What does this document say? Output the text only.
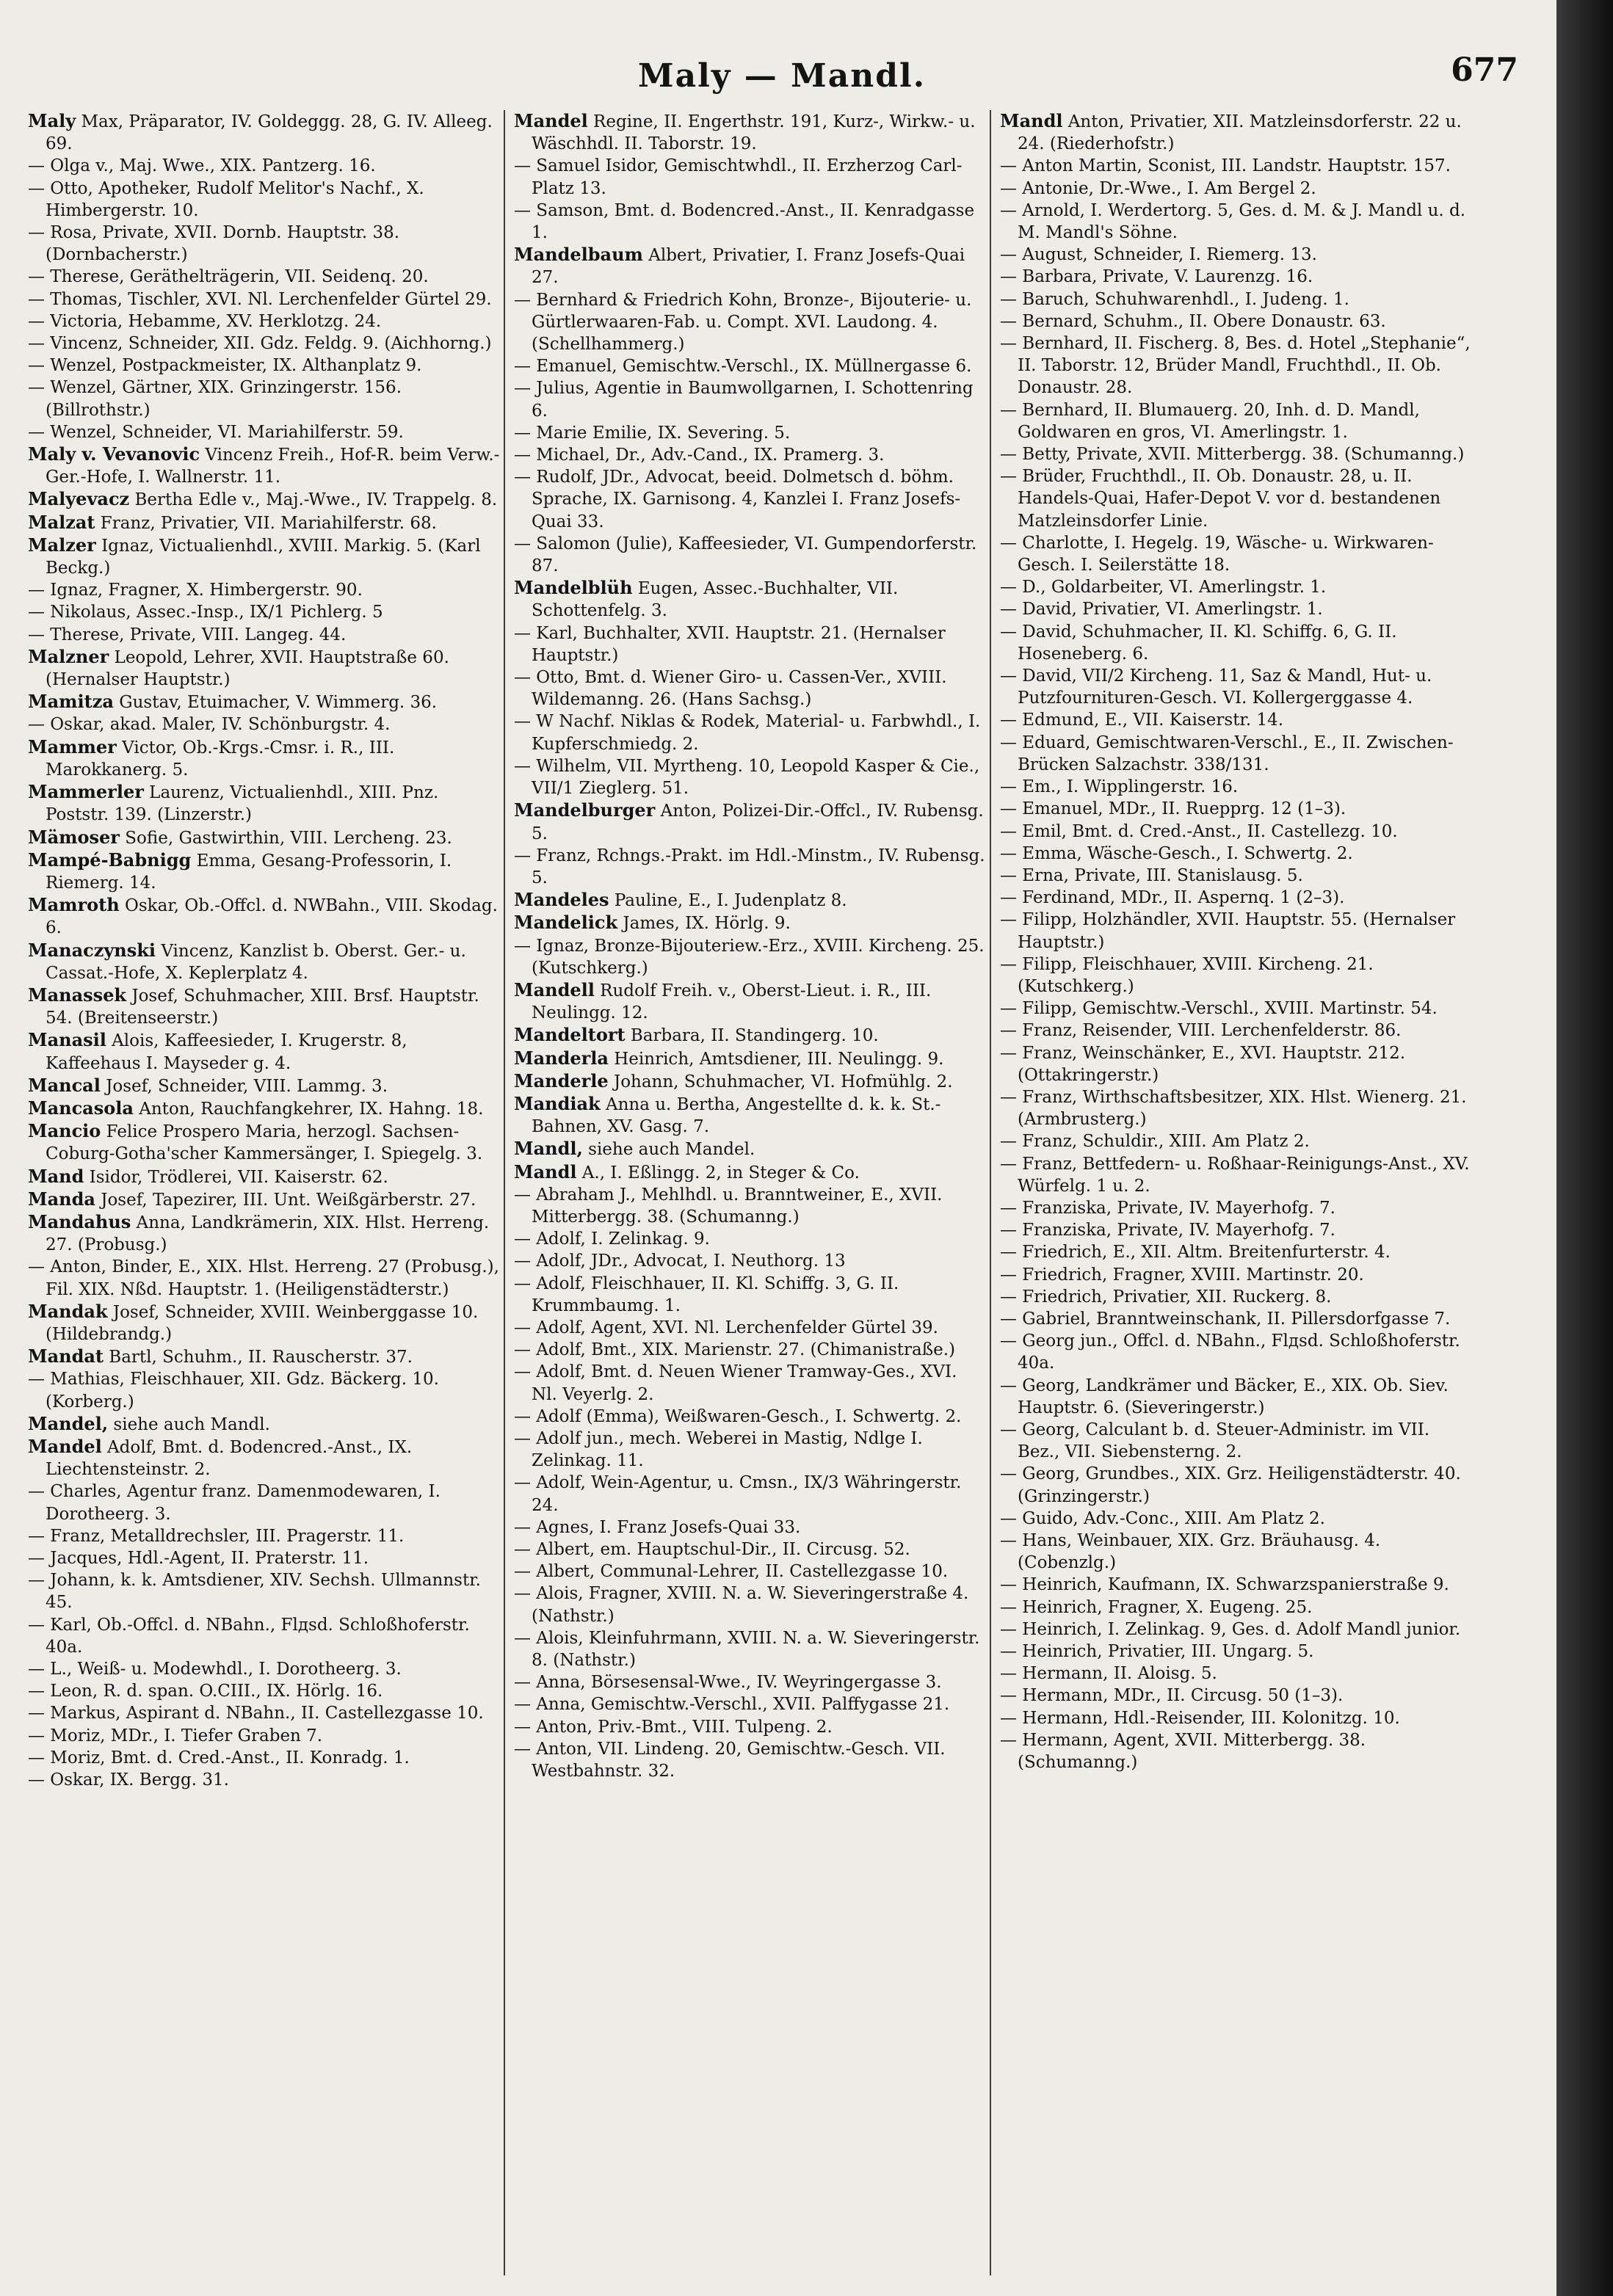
Maly — Mandl.	677

Maly Max, Präparator, IV. Goldeggg. 28, G. IV. Alleeg. 69.

— Olga v., Maj. Wwe., XIX. Pantzerg. 16.

— Otto, Apotheker, Rudolf Melitor's Nachf., X. Himbergerstr. 10.

— Rosa, Private, XVII. Dornb. Hauptstr. 38. (Dornbacherstr.)

— Therese, Geräthelträgerin, VII. Seidenq. 20.

— Thomas, Tischler, XVI. Nl. Lerchenfelder Gürtel 29.

— Victoria, Hebamme, XV. Herklotzg. 24.

— Vincenz, Schneider, XII. Gdz. Feldg. 9. (Aichhorng.)

— Wenzel, Postpackmeister, IX. Althanplatz 9.

— Wenzel, Gärtner, XIX. Grinzingerstr. 156. (Billrothstr.)

— Wenzel, Schneider, VI. Mariahilferstr. 59.

Maly v. Vevanovic Vincenz Freih., Hof-R. beim Verw.-Ger.-Hofe, I. Wallnerstr. 11.

Malyevacz Bertha Edle v., Maj.-Wwe., IV. Trappelg. 8.

Malzat Franz, Privatier, VII. Mariahilferstr. 68.

Malzer Ignaz, Victualienhdl., XVIII. Markig. 5. (Karl Beckg.)

— Ignaz, Fragner, X. Himbergerstr. 90.

— Nikolaus, Assec.-Insp., IX/1 Pichlerg. 5

— Therese, Private, VIII. Langeg. 44.

Malzner Leopold, Lehrer, XVII. Hauptstraße 60. (Hernalser Hauptstr.)

Mamitza Gustav, Etuimacher, V. Wimmerg. 36.

— Oskar, akad. Maler, IV. Schönburgstr. 4.

Mammer Victor, Ob.-Krgs.-Cmsr. i. R., III. Marokkanerg. 5.

Mammerler Laurenz, Victualienhdl., XIII. Pnz. Poststr. 139. (Linzerstr.)

Mämoser Sofie, Gastwirthin, VIII. Lercheng. 23.

Mampé-Babnigg Emma, Gesang-Professorin, I. Riemerg. 14.

Mamroth Oskar, Ob.-Offcl. d. NWBahn., VIII. Skodag. 6.

Manaczynski Vincenz, Kanzlist b. Oberst. Ger.- u. Cassat.-Hofe, X. Keplerplatz 4.

Manassek Josef, Schuhmacher, XIII. Brsf. Hauptstr. 54. (Breitenseerstr.)

Manasil Alois, Kaffeesieder, I. Krugerstr. 8, Kaffeehaus I. Mayseder g. 4.

Mancal Josef, Schneider, VIII. Lammg. 3.

Mancasola Anton, Rauchfangkehrer, IX. Hahng. 18.

Mancio Felice Prospero Maria, herzogl. Sachsen-Coburg-Gotha'scher Kammersänger, I. Spiegelg. 3.

Mand Isidor, Trödlerei, VII. Kaiserstr. 62.

Manda Josef, Tapezirer, III. Unt. Weißgärberstr. 27.

Mandahus Anna, Landkrämerin, XIX. Hlst. Herreng. 27. (Probusg.)

— Anton, Binder, E., XIX. Hlst. Herreng. 27 (Probusg.), Fil. XIX. Nßd. Hauptstr. 1. (Heiligenstädterstr.)

Mandak Josef, Schneider, XVIII. Weinberggasse 10. (Hildebrandg.)

Mandat Bartl, Schuhm., II. Rauscherstr. 37.

— Mathias, Fleischhauer, XII. Gdz. Bäckerg. 10. (Korberg.)

Mandel, siehe auch Mandl.

Mandel Adolf, Bmt. d. Bodencred.-Anst., IX. Liechtensteinstr. 2.

— Charles, Agentur franz. Damenmodewaren, I. Dorotheerg. 3.

— Franz, Metalldrechsler, III. Pragerstr. 11.

— Jacques, Hdl.-Agent, II. Praterstr. 11.

— Johann, k. k. Amtsdiener, XIV. Sechsh. Ullmannstr. 45.

— Karl, Ob.-Offcl. d. NBahn., Flдsd. Schloßhoferstr. 40a.

— L., Weiß- u. Modewhdl., I. Dorotheerg. 3.

— Leon, R. d. span. O.CIII., IX. Hörlg. 16.

— Markus, Aspirant d. NBahn., II. Castellezgasse 10.

— Moriz, MDr., I. Tiefer Graben 7.

— Moriz, Bmt. d. Cred.-Anst., II. Konradg. 1.

— Oskar, IX. Bergg. 31.

Mandel Regine, II. Engerthstr. 191, Kurz-, Wirkw.- u. Wäschhdl. II. Taborstr. 19.

— Samuel Isidor, Gemischtwhdl., II. Erzherzog Carl-Platz 13.

— Samson, Bmt. d. Bodencred.-Anst., II. Kenradgasse 1.

Mandelbaum Albert, Privatier, I. Franz Josefs-Quai 27.

— Bernhard & Friedrich Kohn, Bronze-, Bijouterie- u. Gürtlerwaaren-Fab. u. Compt. XVI. Laudong. 4. (Schellhammerg.)

— Emanuel, Gemischtw.-Verschl., IX. Müllnergasse 6.

— Julius, Agentie in Baumwollgarnen, I. Schottenring 6.

— Marie Emilie, IX. Severing. 5.

— Michael, Dr., Adv.-Cand., IX. Pramerg. 3.

— Rudolf, JDr., Advocat, beeid. Dolmetsch d. böhm. Sprache, IX. Garnisong. 4, Kanzlei I. Franz Josefs-Quai 33.

— Salomon (Julie), Kaffeesieder, VI. Gumpendorferstr. 87.

Mandelblüh Eugen, Assec.-Buchhalter, VII. Schottenfelg. 3.

— Karl, Buchhalter, XVII. Hauptstr. 21. (Hernalser Hauptstr.)

— Otto, Bmt. d. Wiener Giro- u. Cassen-Ver., XVIII. Wildemanng. 26. (Hans Sachsg.)

— W Nachf. Niklas & Rodek, Material- u. Farbwhdl., I. Kupferschmiedg. 2.

— Wilhelm, VII. Myrtheng. 10, Leopold Kasper & Cie., VII/1 Zieglerg. 51.

Mandelburger Anton, Polizei-Dir.-Offcl., IV. Rubensg. 5.

— Franz, Rchngs.-Prakt. im Hdl.-Minstm., IV. Rubensg. 5.

Mandeles Pauline, E., I. Judenplatz 8.

Mandelick James, IX. Hörlg. 9.

— Ignaz, Bronze-Bijouteriew.-Erz., XVIII. Kircheng. 25. (Kutschkerg.)

Mandell Rudolf Freih. v., Oberst-Lieut. i. R., III. Neulingg. 12.

Mandeltort Barbara, II. Standingerg. 10.

Manderla Heinrich, Amtsdiener, III. Neulingg. 9.

Manderle Johann, Schuhmacher, VI. Hofmühlg. 2.

Mandiak Anna u. Bertha, Angestellte d. k. k. St.-Bahnen, XV. Gasg. 7.

Mandl, siehe auch Mandel.

Mandl A., I. Eßlingg. 2, in Steger & Co.

— Abraham J., Mehlhdl. u. Branntweiner, E., XVII. Mitterbergg. 38. (Schumanng.)

— Adolf, I. Zelinkag. 9.

— Adolf, JDr., Advocat, I. Neuthorg. 13

— Adolf, Fleischhauer, II. Kl. Schiffg. 3, G. II. Krummbaumg. 1.

— Adolf, Agent, XVI. Nl. Lerchenfelder Gürtel 39.

— Adolf, Bmt., XIX. Marienstr. 27. (Chimanistraße.)

— Adolf, Bmt. d. Neuen Wiener Tramway-Ges., XVI. Nl. Veyerlg. 2.

— Adolf (Emma), Weißwaren-Gesch., I. Schwertg. 2.

— Adolf jun., mech. Weberei in Mastig, Ndlge I. Zelinkag. 11.

— Adolf, Wein-Agentur, u. Cmsn., IX/3 Währingerstr. 24.

— Agnes, I. Franz Josefs-Quai 33.

— Albert, em. Hauptschul-Dir., II. Circusg. 52.

— Albert, Communal-Lehrer, II. Castellezgasse 10.

— Alois, Fragner, XVIII. N. a. W. Sieveringerstraße 4. (Nathstr.)

— Alois, Kleinfuhrmann, XVIII. N. a. W. Sieveringerstr. 8. (Nathstr.)

— Anna, Börsesensal-Wwe., IV. Weyringergasse 3.

— Anna, Gemischtw.-Verschl., XVII. Palffygasse 21.

— Anton, Priv.-Bmt., VIII. Tulpeng. 2.

— Anton, VII. Lindeng. 20, Gemischtw.-Gesch. VII. Westbahnstr. 32.

Mandl Anton, Privatier, XII. Matzleinsdorferstr. 22 u. 24. (Riederhofstr.)

— Anton Martin, Sconist, III. Landstr. Hauptstr. 157.

— Antonie, Dr.-Wwe., I. Am Bergel 2.

— Arnold, I. Werdertorg. 5, Ges. d. M. & J. Mandl u. d. M. Mandl's Söhne.

— August, Schneider, I. Riemerg. 13.

— Barbara, Private, V. Laurenzg. 16.

— Baruch, Schuhwarenhdl., I. Judeng. 1.

— Bernard, Schuhm., II. Obere Donaustr. 63.

— Bernhard, II. Fischerg. 8, Bes. d. Hotel „Stephanie“, II. Taborstr. 12, Brüder Mandl, Fruchthdl., II. Ob. Donaustr. 28.

— Bernhard, II. Blumauerg. 20, Inh. d. D. Mandl, Goldwaren en gros, VI. Amerlingstr. 1.

— Betty, Private, XVII. Mitterbergg. 38. (Schumanng.)

— Brüder, Fruchthdl., II. Ob. Donaustr. 28, u. II. Handels-Quai, Hafer-Depot V. vor d. bestandenen Matzleinsdorfer Linie.

— Charlotte, I. Hegelg. 19, Wäsche- u. Wirkwaren-Gesch. I. Seilerstätte 18.

— D., Goldarbeiter, VI. Amerlingstr. 1.

— David, Privatier, VI. Amerlingstr. 1.

— David, Schuhmacher, II. Kl. Schiffg. 6, G. II. Hoseneberg. 6.

— David, VII/2 Kircheng. 11, Saz & Mandl, Hut- u. Putzfournituren-Gesch. VI. Kollergerggasse 4.

— Edmund, E., VII. Kaiserstr. 14.

— Eduard, Gemischtwaren-Verschl., E., II. Zwischen-Brücken Salzachstr. 338/131.

— Em., I. Wipplingerstr. 16.

— Emanuel, MDr., II. Ruepprg. 12 (1–3).

— Emil, Bmt. d. Cred.-Anst., II. Castellezg. 10.

— Emma, Wäsche-Gesch., I. Schwertg. 2.

— Erna, Private, III. Stanislausg. 5.

— Ferdinand, MDr., II. Aspernq. 1 (2–3).

— Filipp, Holzhändler, XVII. Hauptstr. 55. (Hernalser Hauptstr.)

— Filipp, Fleischhauer, XVIII. Kircheng. 21. (Kutschkerg.)

— Filipp, Gemischtw.-Verschl., XVIII. Martinstr. 54.

— Franz, Reisender, VIII. Lerchenfelderstr. 86.

— Franz, Weinschänker, E., XVI. Hauptstr. 212. (Ottakringerstr.)

— Franz, Wirthschaftsbesitzer, XIX. Hlst. Wienerg. 21. (Armbrusterg.)

— Franz, Schuldir., XIII. Am Platz 2.

— Franz, Bettfedern- u. Roßhaar-Reinigungs-Anst., XV. Würfelg. 1 u. 2.

— Franziska, Private, IV. Mayerhofg. 7.

— Franziska, Private, IV. Mayerhofg. 7.

— Friedrich, E., XII. Altm. Breitenfurterstr. 4.

— Friedrich, Fragner, XVIII. Martinstr. 20.

— Friedrich, Privatier, XII. Ruckerg. 8.

— Gabriel, Branntweinschank, II. Pillersdorfgasse 7.

— Georg jun., Offcl. d. NBahn., Flдsd. Schloßhoferstr. 40a.

— Georg, Landkrämer und Bäcker, E., XIX. Ob. Siev. Hauptstr. 6. (Sieveringerstr.)

— Georg, Calculant b. d. Steuer-Administr. im VII. Bez., VII. Siebensterng. 2.

— Georg, Grundbes., XIX. Grz. Heiligenstädterstr. 40. (Grinzingerstr.)

— Guido, Adv.-Conc., XIII. Am Platz 2.

— Hans, Weinbauer, XIX. Grz. Bräuhausg. 4. (Cobenzlg.)

— Heinrich, Kaufmann, IX. Schwarzspanierstraße 9.

— Heinrich, Fragner, X. Eugeng. 25.

— Heinrich, I. Zelinkag. 9, Ges. d. Adolf Mandl junior.

— Heinrich, Privatier, III. Ungarg. 5.

— Hermann, II. Aloisg. 5.

— Hermann, MDr., II. Circusg. 50 (1–3).

— Hermann, Hdl.-Reisender, III. Kolonitzg. 10.

— Hermann, Agent, XVII. Mitterbergg. 38. (Schumanng.)
